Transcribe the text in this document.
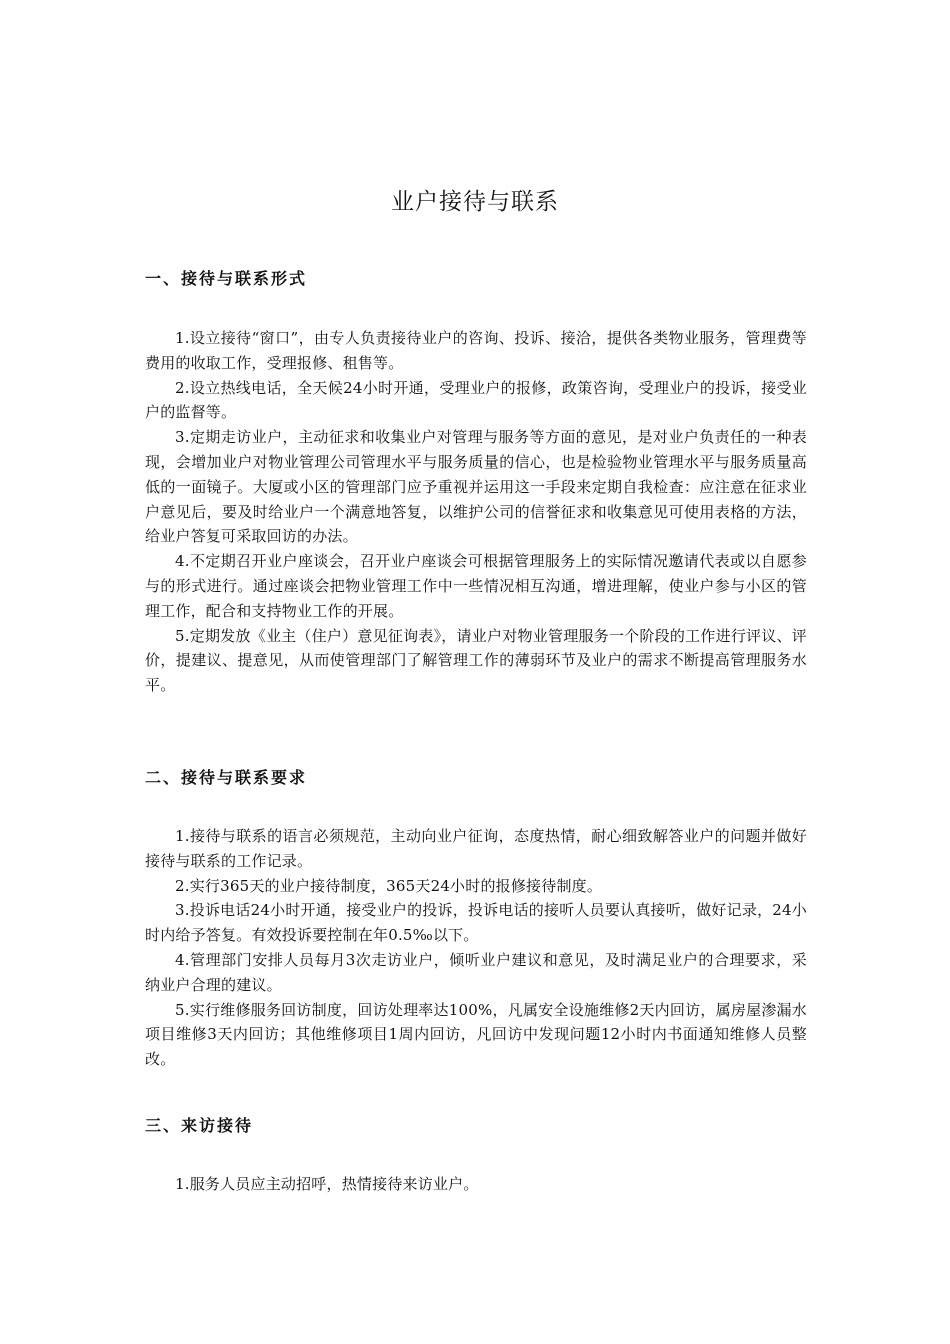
业户接待与联系
一、接待与联系形式

1.设立接待“窗口”，由专人负责接待业户的咨询、投诉、接洽，提供各类物业服务，管理费等费用的收取工作，受理报修、租售等。

2.设立热线电话，全天候24小时开通，受理业户的报修，政策咨询，受理业户的投诉，接受业户的监督等。

3.定期走访业户，主动征求和收集业户对管理与服务等方面的意见，是对业户负责任的一种表现，会增加业户对物业管理公司管理水平与服务质量的信心，也是检验物业管理水平与服务质量高低的一面镜子。大厦或小区的管理部门应予重视并运用这一手段来定期自我检查：应注意在征求业户意见后，要及时给业户一个满意地答复，以维护公司的信誉征求和收集意见可使用表格的方法，给业户答复可采取回访的办法。

4.不定期召开业户座谈会，召开业户座谈会可根据管理服务上的实际情况邀请代表或以自愿参与的形式进行。通过座谈会把物业管理工作中一些情况相互沟通，增进理解，使业户参与小区的管理工作，配合和支持物业工作的开展。

5.定期发放《业主（住户）意见征询表》，请业户对物业管理服务一个阶段的工作进行评议、评价，提建议、提意见，从而使管理部门了解管理工作的薄弱环节及业户的需求不断提高管理服务水平。

二、接待与联系要求

1.接待与联系的语言必须规范，主动向业户征询，态度热情，耐心细致解答业户的问题并做好接待与联系的工作记录。

2.实行365天的业户接待制度，365天24小时的报修接待制度。

3.投诉电话24小时开通，接受业户的投诉，投诉电话的接听人员要认真接听，做好记录，24小时内给予答复。有效投诉要控制在年0.5‰以下。

4.管理部门安排人员每月3次走访业户，倾听业户建议和意见，及时满足业户的合理要求，采纳业户合理的建议。

5.实行维修服务回访制度，回访处理率达100%，凡属安全设施维修2天内回访，属房屋渗漏水项目维修3天内回访；其他维修项目1周内回访，凡回访中发现问题12小时内书面通知维修人员整改。

三、来访接待

1.服务人员应主动招呼，热情接待来访业户。
